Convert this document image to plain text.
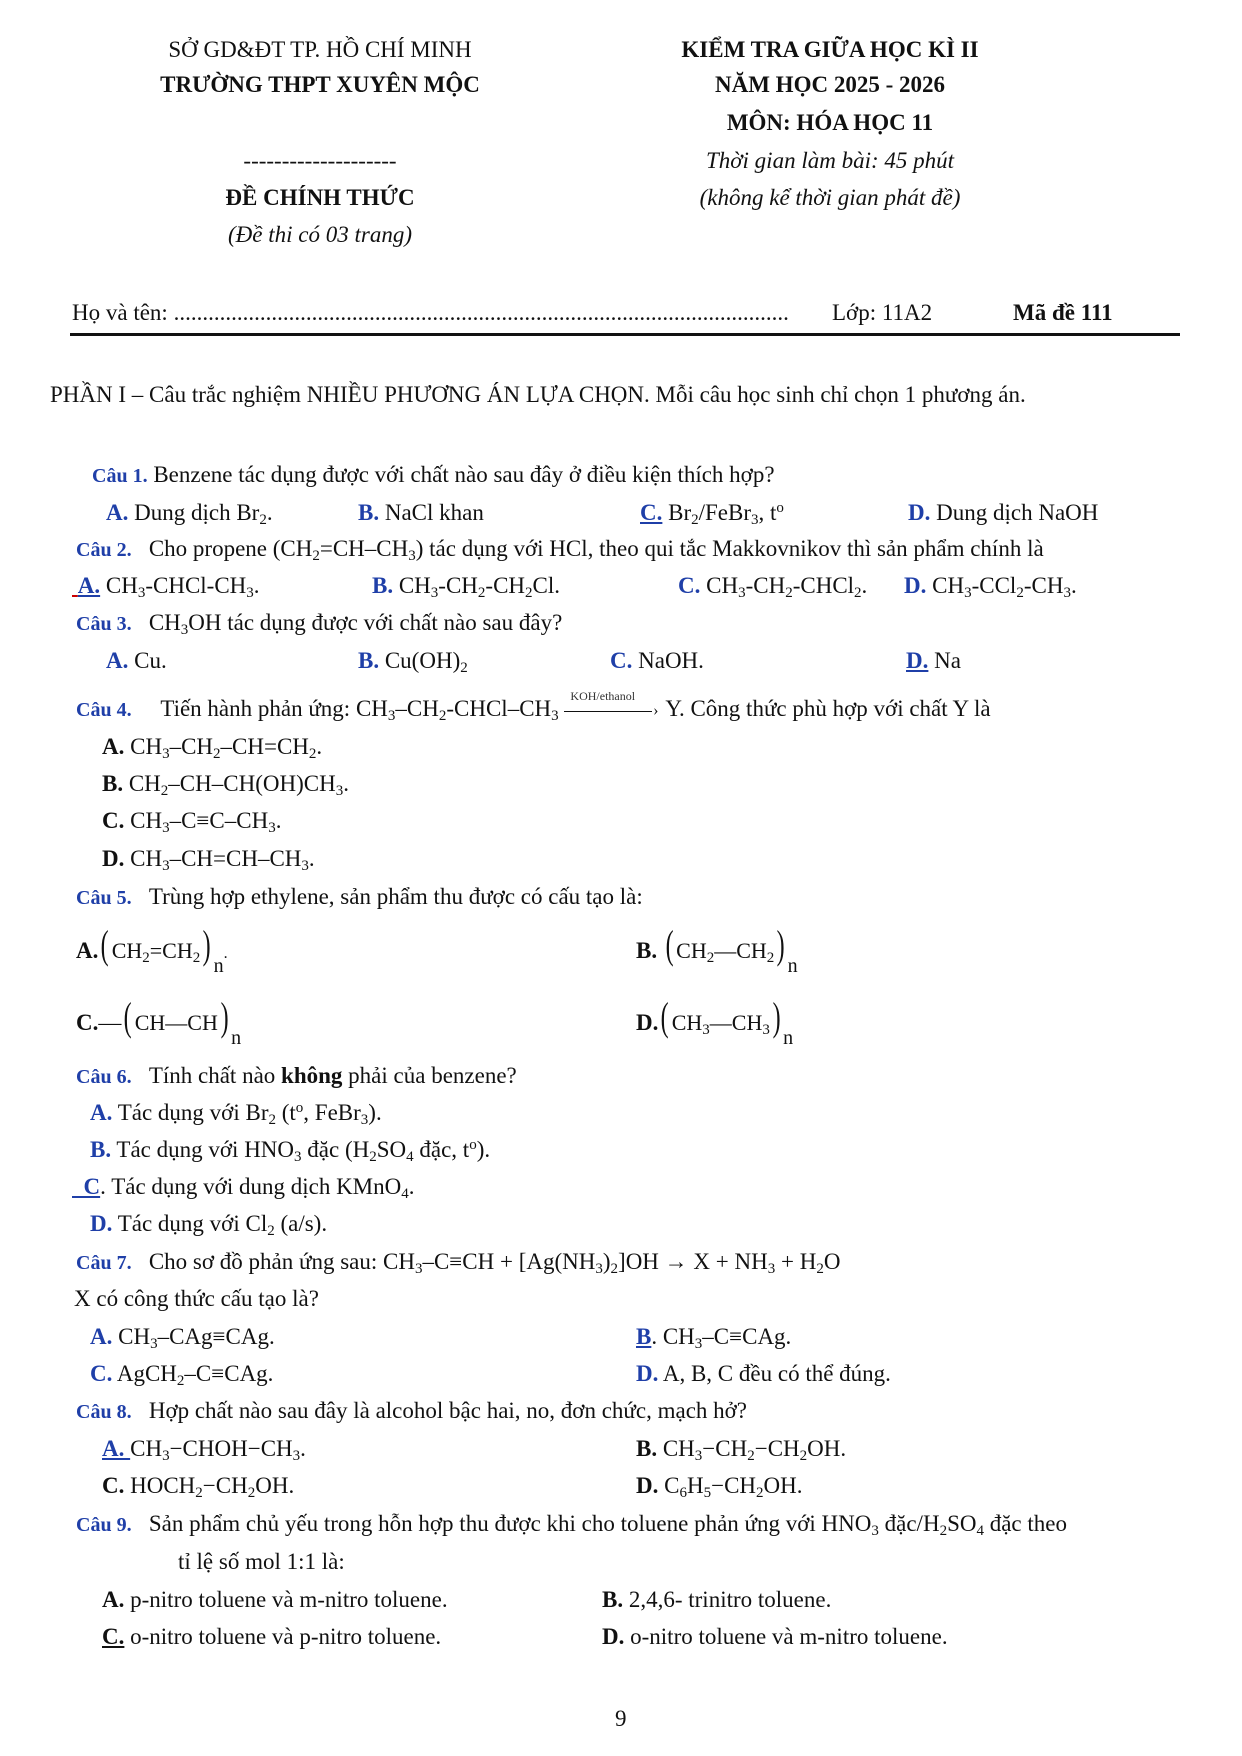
SỞ GD&ĐT TP. HỒ CHÍ MINH
TRƯỜNG THPT XUYÊN MỘC
--------------------
ĐỀ CHÍNH THỨC
(Đề thi có 03 trang)
KIỂM TRA GIỮA HỌC KÌ II
NĂM HỌC 2025 - 2026
MÔN: HÓA HỌC 11
Thời gian làm bài: 45 phút
(không kể thời gian phát đề)
Họ và tên: ........................................................................................................... Lớp: 11A2	Mã đề 111
PHẦN I – Câu trắc nghiệm NHIỀU PHƯƠNG ÁN LỰA CHỌN. Mỗi câu học sinh chỉ chọn 1 phương án.
Câu 1. Benzene tác dụng được với chất nào sau đây ở điều kiện thích hợp?
A. Dung dịch $Br_2$.	B. NaCl khan	C. $Br_2/FeBr_3$, $t^o$	D. Dung dịch NaOH
Câu 2. Cho propene $(CH_2=CH-CH_3)$ tác dụng với HCl, theo qui tắc Makkovnikov thì sản phẩm chính là
A. $CH_3-CHCl-CH_3$.	B. $CH_3-CH_2-CH_2Cl$.	C. $CH_3-CH_2-CHCl_2$. D. $CH_3-CCl_2-CH_3$.
Câu 3.   $CH_3OH$ tác dụng được với chất nào sau đây?
A. Cu.	B. $Cu(OH)_2$	C. NaOH.	D. Na
Câu 4. Tiến hành phản ứng: $CH_3-CH_2-CHCl-CH_3$
KOH/ethanol
› Y. Công thức phù hợp với chất Y là
A. $CH_3-CH_2-CH=CH_2$.
B. $CH_2-CH-CH(OH)CH_3$.
C. $CH_3-C\equiv C-CH_3$.
D. $CH_3-CH=CH-CH_3$.
Câu 5. Trùng hợp ethylene, sản phẩm thu được có cấu tạo là:
A.( $CH_2=CH_2$) $_n$.	B. ( $CH_2—CH_2$) $_n$
C.—( CH—CH) $_n$
D.( $CH_3—CH_3$) $_n$
Câu 6. Tính chất nào không phải của benzene?
A. Tác dụng với $Br_2$ ($t^o$, FeBr$_3$).
B. Tác dụng với $HNO_3$ đặc ($H_2SO_4$ đặc, $t^o$).
C. Tác dụng với dung dịch KMnO$_4$.
D. Tác dụng với $Cl_2$ (a/s).
Câu 7. Cho sơ đồ phản ứng sau: $CH_3-C\equiv CH + [Ag(NH_3)_2]OH \to X + NH_3 + H_2O$
X có công thức cấu tạo là?
A. $CH_3-CAg\equiv CAg$.	B. $CH_3-C\equiv CAg$.
C. AgCH$_2$–C≡CAg.	D. A, B, C đều có thể đúng.
Câu 8. Hợp chất nào sau đây là alcohol bậc hai, no, đơn chức, mạch hở?
A. $CH_3-CHOH-CH_3$.	B. $CH_3-CH_2-CH_2OH$.
C. $HOCH_2-CH_2OH$.	D. $C_6H_5-CH_2OH$.
Câu 9. Sản phẩm chủ yếu trong hỗn hợp thu được khi cho toluene phản ứng với $HNO_3$ đặc/$H_2SO_4$ đặc theo
tỉ lệ số mol 1:1 là:
A. p-nitro toluene và m-nitro toluene.	B. 2,4,6- trinitro toluene.
C. o-nitro toluene và p-nitro toluene.	D. o-nitro toluene và m-nitro toluene.
9
